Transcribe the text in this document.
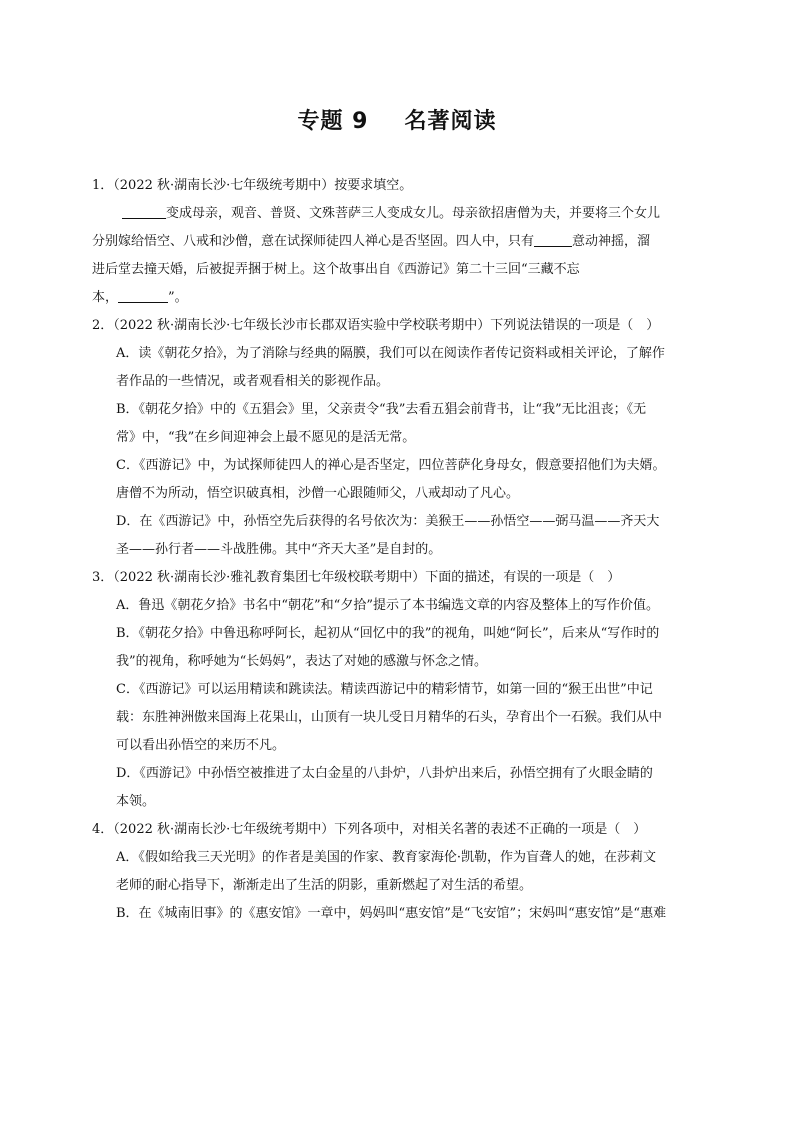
专题 9 名著阅读

1．（2022 秋·湖南长沙·七年级统考期中）按要求填空。

变成母亲，观音、普贤、文殊菩萨三人变成女儿。母亲欲招唐僧为夫，并要将三个女儿

分别嫁给悟空、八戒和沙僧，意在试探师徒四人禅心是否坚固。四人中，只有	意动神摇，溜

进后堂去撞天婚，后被捉弄捆于树上。这个故事出自《西游记》第二十三回“三藏不忘

本，	”。

2．（2022 秋·湖南长沙·七年级长沙市长郡双语实验中学校联考期中）下列说法错误的一项是（　）

A．读《朝花夕拾》，为了消除与经典的隔膜，我们可以在阅读作者传记资料或相关评论，了解作

者作品的一些情况，或者观看相关的影视作品。

B．《朝花夕拾》中的《五猖会》里，父亲责令“我”去看五猖会前背书，让“我”无比沮丧；《无

常》中，“我”在乡间迎神会上最不愿见的是活无常。

C．《西游记》中，为试探师徒四人的禅心是否坚定，四位菩萨化身母女，假意要招他们为夫婿。

唐僧不为所动，悟空识破真相，沙僧一心跟随师父，八戒却动了凡心。

D．在《西游记》中，孙悟空先后获得的名号依次为：美猴王——孙悟空——弼马温——齐天大

圣——孙行者——斗战胜佛。其中“齐天大圣”是自封的。

3．（2022 秋·湖南长沙·雅礼教育集团七年级校联考期中）下面的描述，有误的一项是（　）

A．鲁迅《朝花夕拾》书名中“朝花”和“夕拾”提示了本书编选文章的内容及整体上的写作价值。

B．《朝花夕拾》中鲁迅称呼阿长，起初从“回忆中的我”的视角，叫她“阿长”，后来从“写作时的

我”的视角，称呼她为“长妈妈”，表达了对她的感激与怀念之情。

C．《西游记》可以运用精读和跳读法。精读西游记中的精彩情节，如第一回的“猴王出世”中记

载：东胜神洲傲来国海上花果山，山顶有一块儿受日月精华的石头，孕育出个一石猴。我们从中

可以看出孙悟空的来历不凡。

D．《西游记》中孙悟空被推进了太白金星的八卦炉，八卦炉出来后，孙悟空拥有了火眼金睛的

本领。

4．（2022 秋·湖南长沙·七年级统考期中）下列各项中，对相关名著的表述不正确的一项是（　）

A．《假如给我三天光明》的作者是美国的作家、教育家海伦·凯勒，作为盲聋人的她，在莎莉文

老师的耐心指导下，渐渐走出了生活的阴影，重新燃起了对生活的希望。

B．在《城南旧事》的《惠安馆》一章中，妈妈叫“惠安馆”是“飞安馆”；宋妈叫“惠安馆”是“惠难
